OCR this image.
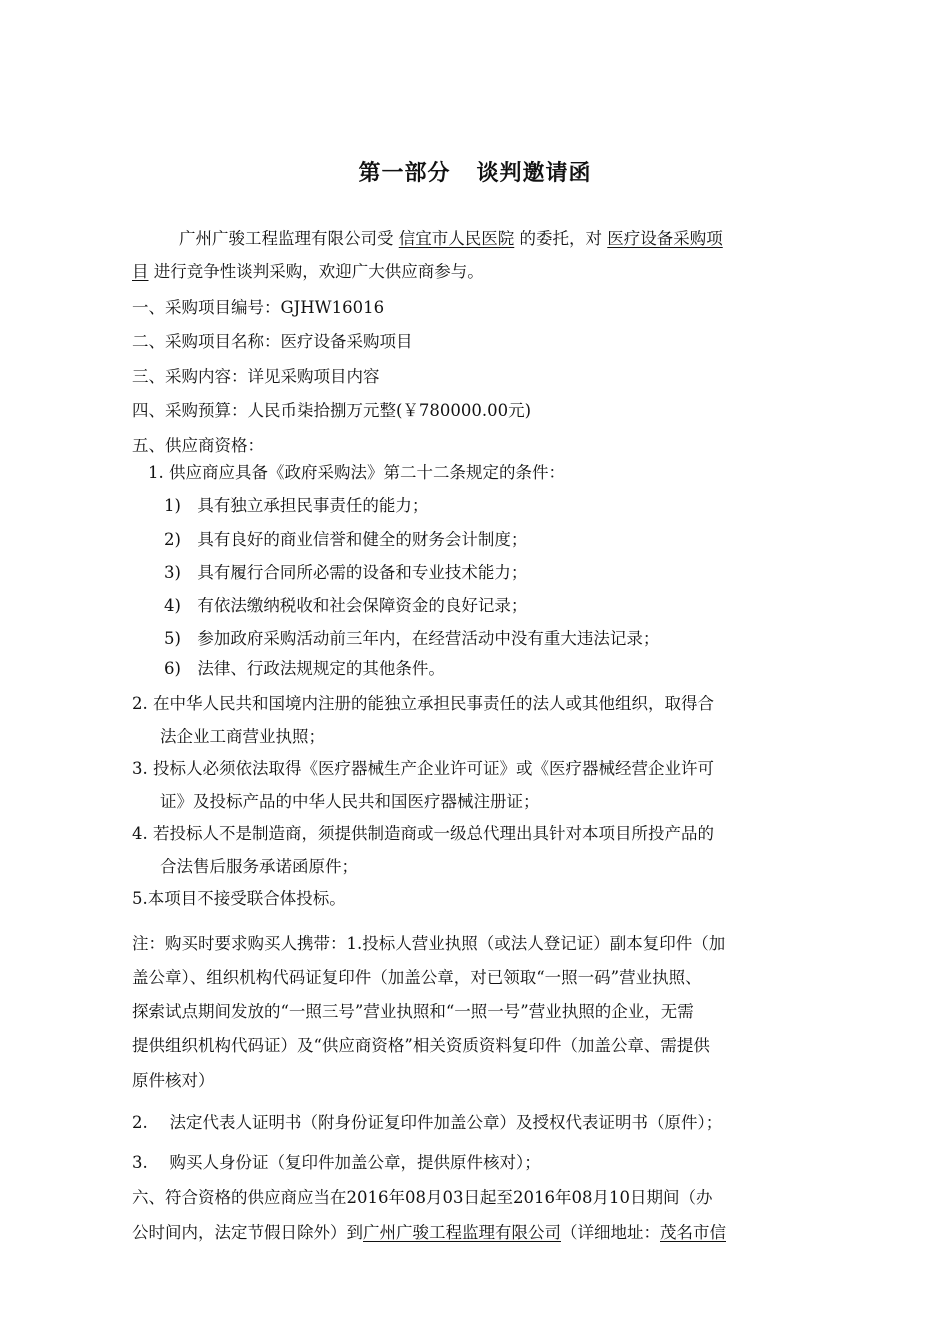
第一部分 谈判邀请函
广州广骏工程监理有限公司受 信宜市人民医院 的委托，对 医疗设备采购项
目 进行竞争性谈判采购，欢迎广大供应商参与。
一、采购项目编号：GJHW16016
二、采购项目名称：医疗设备采购项目
三、采购内容：详见采购项目内容
四、采购预算：人民币柒拾捌万元整(￥780000.00元)
五、供应商资格：
1. 供应商应具备《政府采购法》第二十二条规定的条件：
1)　具有独立承担民事责任的能力；
2)　具有良好的商业信誉和健全的财务会计制度；
3)　具有履行合同所必需的设备和专业技术能力；
4)　有依法缴纳税收和社会保障资金的良好记录；
5)　参加政府采购活动前三年内，在经营活动中没有重大违法记录；
6)　法律、行政法规规定的其他条件。
2. 在中华人民共和国境内注册的能独立承担民事责任的法人或其他组织，取得合
法企业工商营业执照；
3. 投标人必须依法取得《医疗器械生产企业许可证》或《医疗器械经营企业许可
证》及投标产品的中华人民共和国医疗器械注册证；
4. 若投标人不是制造商，须提供制造商或一级总代理出具针对本项目所投产品的
合法售后服务承诺函原件；
5.本项目不接受联合体投标。
注：购买时要求购买人携带：1.投标人营业执照（或法人登记证）副本复印件（加
盖公章）、组织机构代码证复印件（加盖公章，对已领取“一照一码”营业执照、
探索试点期间发放的“一照三号”营业执照和“一照一号”营业执照的企业，无需
提供组织机构代码证）及“供应商资格”相关资质资料复印件（加盖公章、需提供
原件核对）
2.　 法定代表人证明书（附身份证复印件加盖公章）及授权代表证明书（原件）；
3.　 购买人身份证（复印件加盖公章，提供原件核对）；
六、符合资格的供应商应当在2016年08月03日起至2016年08月10日期间（办
公时间内，法定节假日除外）到广州广骏工程监理有限公司（详细地址：茂名市信
